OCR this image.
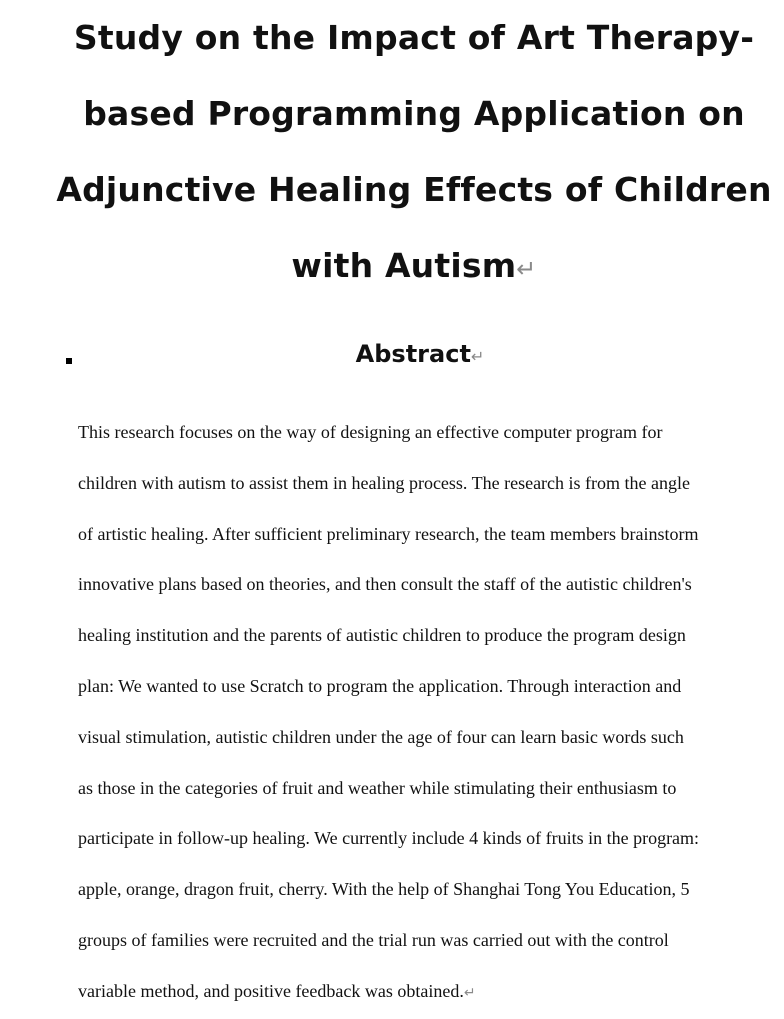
Study on the Impact of Art Therapy-
based Programming Application on
Adjunctive Healing Effects of Children
with Autism↵
Abstract↵
This research focuses on the way of designing an effective computer program for
children with autism to assist them in healing process. The research is from the angle
of artistic healing. After sufficient preliminary research, the team members brainstorm
innovative plans based on theories, and then consult the staff of the autistic children's
healing institution and the parents of autistic children to produce the program design
plan: We wanted to use Scratch to program the application. Through interaction and
visual stimulation, autistic children under the age of four can learn basic words such
as those in the categories of fruit and weather while stimulating their enthusiasm to
participate in follow-up healing. We currently include 4 kinds of fruits in the program:
apple, orange, dragon fruit, cherry. With the help of Shanghai Tong You Education, 5
groups of families were recruited and the trial run was carried out with the control
variable method, and positive feedback was obtained.↵
